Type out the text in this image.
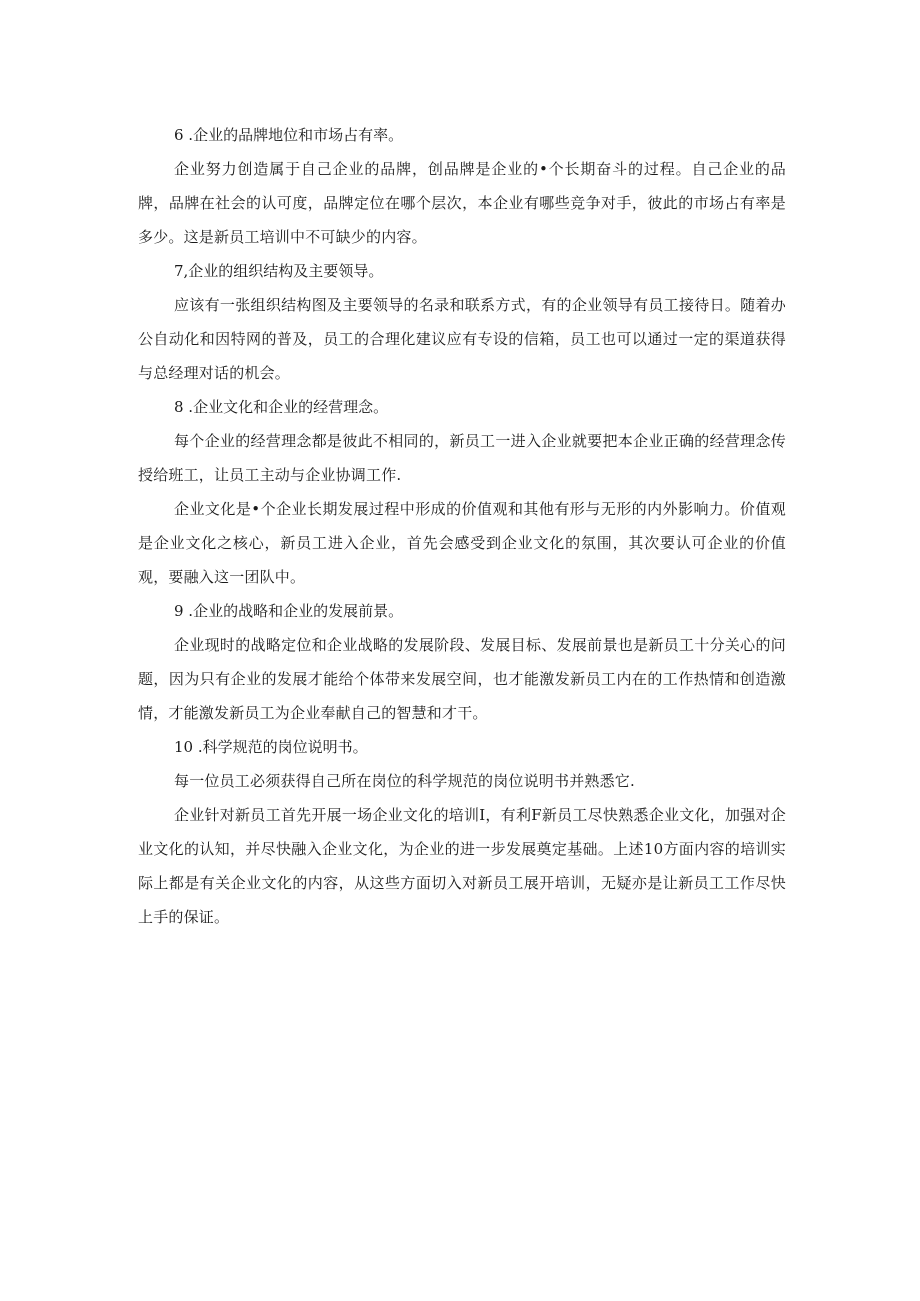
6 .企业的品牌地位和市场占有率。

企业努力创造属于自己企业的品牌，创品牌是企业的•个长期奋斗的过程。自己企业的品牌，品牌在社会的认可度，品牌定位在哪个层次，本企业有哪些竞争对手，彼此的市场占有率是多少。这是新员工培训中不可缺少的内容。

7,企业的组织结构及主要领导。

应该有一张组织结构图及主要领导的名录和联系方式，有的企业领导有员工接待日。随着办公自动化和因特网的普及，员工的合理化建议应有专设的信箱，员工也可以通过一定的渠道获得与总经理对话的机会。

8 .企业文化和企业的经营理念。

每个企业的经营理念都是彼此不相同的，新员工一进入企业就要把本企业正确的经营理念传授给班工，让员工主动与企业协调工作.

企业文化是•个企业长期发展过程中形成的价值观和其他有形与无形的内外影响力。价值观是企业文化之核心，新员工进入企业，首先会感受到企业文化的氛围，其次要认可企业的价值观，要融入这一团队中。

9 .企业的战略和企业的发展前景。

企业现时的战略定位和企业战略的发展阶段、发展目标、发展前景也是新员工十分关心的问题，因为只有企业的发展才能给个体带来发展空间，也才能激发新员工内在的工作热情和创造激情，才能激发新员工为企业奉献自己的智慧和才干。

10 .科学规范的岗位说明书。

每一位员工必须获得自己所在岗位的科学规范的岗位说明书并熟悉它.

企业针对新员工首先开展一场企业文化的培训I，有利F新员工尽快熟悉企业文化，加强对企业文化的认知，并尽快融入企业文化，为企业的进一步发展奠定基础。上述10方面内容的培训实际上都是有关企业文化的内容，从这些方面切入对新员工展开培训，无疑亦是让新员工工作尽快上手的保证。
